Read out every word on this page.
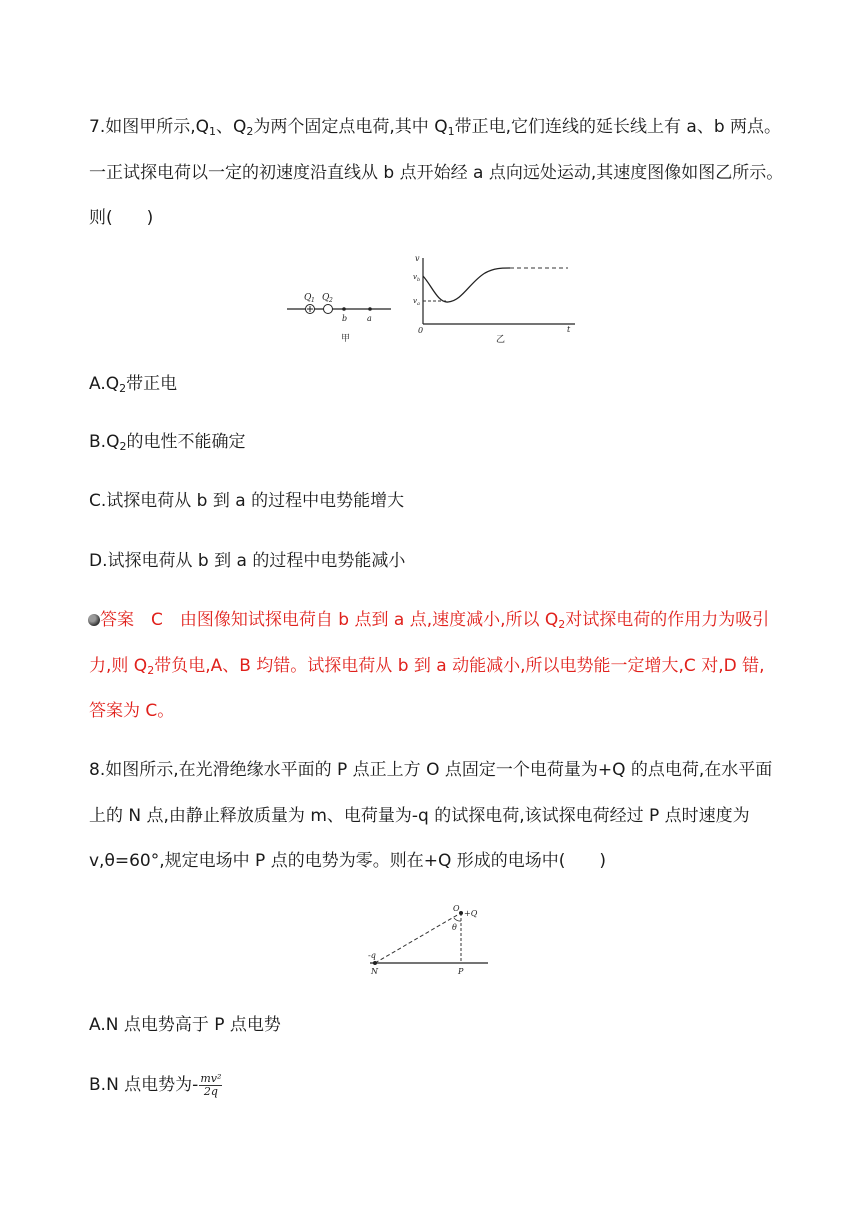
7.如图甲所示$,Q_1$、$Q_2$为两个固定点电荷,其中 $Q_1$带正电,它们连线的延长线上有 a、b 两点。
一正试探电荷以一定的初速度沿直线从 b 点开始经 a 点向远处运动,其速度图像如图乙所示。
则(　　)
Q 1 Q 2
b a
甲
v
v b
v a
0	t
乙
$A.Q_2$带正电
$B.Q_2$的电性不能确定
C.试探电荷从 b 到 a 的过程中电势能增大
D.试探电荷从 b 到 a 的过程中电势能减小
答案　C　由图像知试探电荷自 b 点到 a 点,速度减小,所以 $Q_2$对试探电荷的作用力为吸引
力,则 $Q_2$带负电,A、B 均错。试探电荷从 b 到 a 动能减小,所以电势能一定增大,C 对,D 错,
答案为 C。
8.如图所示,在光滑绝缘水平面的 P 点正上方 O 点固定一个电荷量为+Q 的点电荷,在水平面
上的 N 点,由静止释放质量为 m、电荷量为-q 的试探电荷,该试探电荷经过 P 点时速度为
v,θ=60°,规定电场中 P 点的电势为零。则在+Q 形成的电场中(　　)
O
+Q
θ
-q
N	P
A.N 点电势高于 P 点电势
B.N 点电势为- $\frac{\text{mv²}}{2q}$
